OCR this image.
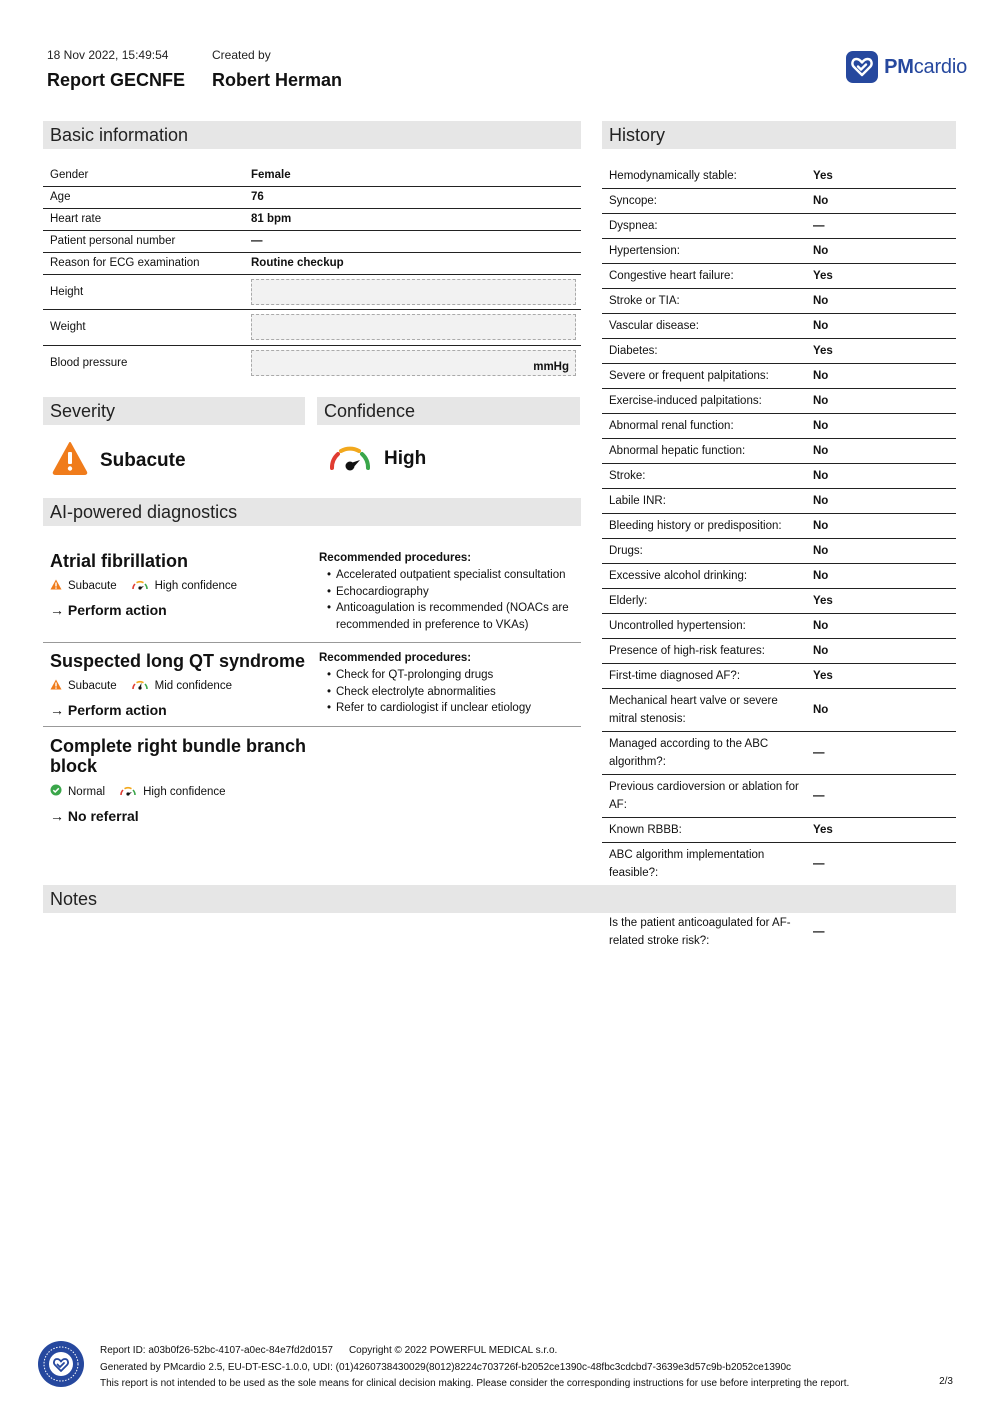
18 Nov 2022, 15:49:54
Report GECNFE
Created by
Robert Herman
PMcardio
Basic information
Gender	Female
Age	76
Heart rate	81 bpm
Patient personal number	—
Reason for ECG examination	Routine checkup
Height	

Weight	

Blood pressure	mmHg
Severity
Subacute
Confidence
High
AI-powered diagnostics
Atrial fibrillation
Subacute	High confidence
→ Perform action
Recommended procedures:
• Accelerated outpatient specialist consultation
• Echocardiography
• Anticoagulation is recommended (NOACs are recommended in preference to VKAs)
Suspected long QT syndrome
Subacute	Mid confidence
→ Perform action
Recommended procedures:
• Check for QT-prolonging drugs
• Check electrolyte abnormalities
• Refer to cardiologist if unclear etiology
Complete right bundle branch block
Normal	High confidence
→ No referral
History
Hemodynamically stable:	Yes
Syncope:	No
Dyspnea:	—
Hypertension:	No
Congestive heart failure:	Yes
Stroke or TIA:	No
Vascular disease:	No
Diabetes:	Yes
Severe or frequent palpitations:	No
Exercise-induced palpitations:	No
Abnormal renal function:	No
Abnormal hepatic function:	No
Stroke:	No
Labile INR:	No
Bleeding history or predisposition:	No
Drugs:	No
Excessive alcohol drinking:	No
Elderly:	Yes
Uncontrolled hypertension:	No
Presence of high-risk features:	No
First-time diagnosed AF?:	Yes
Mechanical heart valve or severe mitral stenosis:	No
Managed according to the ABC algorithm?:	—
Previous cardioversion or ablation for AF:	—
Known RBBB:	Yes
ABC algorithm implementation feasible?:	—

Is the patient anticoagulated for AF-related stroke risk?:	—
Notes
Report ID: a03b0f26-52bc-4107-a0ec-84e7fd2d0157 Copyright © 2022 POWERFUL MEDICAL s.r.o.
Generated by PMcardio 2.5, EU-DT-ESC-1.0.0, UDI: (01)4260738430029(8012)8224c703726f-b2052ce1390c-48fbc3cdcbd7-3639e3d57c9b-b2052ce1390c
This report is not intended to be used as the sole means for clinical decision making. Please consider the corresponding instructions for use before interpreting the report.	2/3
